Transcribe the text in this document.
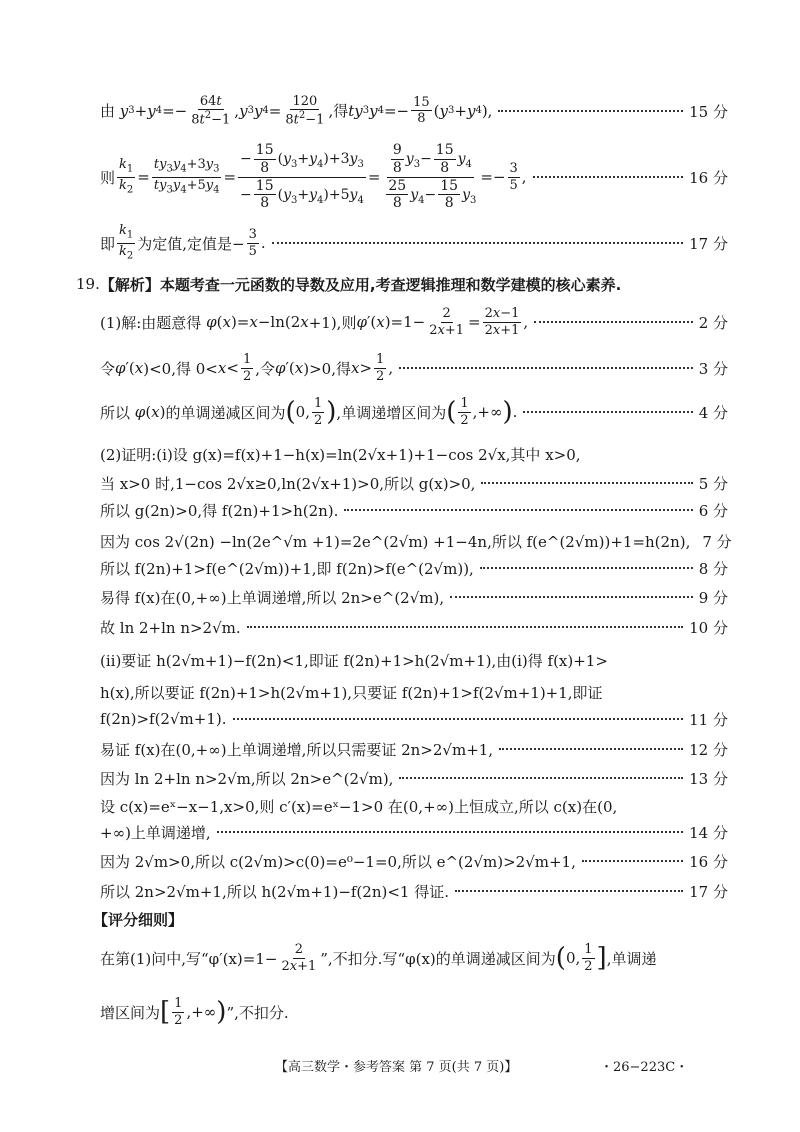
由
y 3 + y $4 =- \frac{64t}{8t^2-1}$ , y 3 y $4 = \frac{120}{8t^2-1}$ ,得 t y 3 y $4 =- \frac{15}{8}$ ( y 3 + y 4 ),	15 分
则 $\frac{k_1}{k_2} = \frac{ty_3y_4+3y_3}{ty_3y_4+5y_4} = \frac{- \frac{15}{8} (y_3+y_4)+3y_3}{- \frac{15}{8} (y_3+y_4)+5y_4} = \frac{\frac{9}{8} y_3- \frac{15}{8} y_4}{\frac{25}{8} y_4- \frac{15}{8} y_3} =- \frac{3}{5}$ ,	16 分
即 $\frac{k_1}{k_2}$ 为定值,定值是− $\frac{3}{5}$ .	17 分
19. 【解析】 本题考查一元函数的导数及应用,考查逻辑推理和数学建模的核心素养.
(1)解:由题意得
φ ( x )= x −ln(2 x +1),则 φ ′( x )$=1- \frac{2}{2x+1} = \frac{2x-1}{2x+1}$ ,	2 分
令 φ ′( x )<0,得 $0< x < \frac{1}{2}$ ,令 φ ′( x )>0,得 $x > \frac{1}{2}$ ,	3 分
所以
φ ( x ) 的单调递减区间为 ( 0, $\frac{1}{2}$ ) ,单调递增区间为 ( $\frac{1}{2}$ ,+∞ ) .	4 分
(2)证明:(ⅰ)设 g(x)=f(x)+1−h(x)=ln(2√x+1)+1−cos 2√x,其中 x>0,
当 x>0 时,1−cos 2√x≥0,ln(2√x+1)>0,所以 g(x)>0,	5 分
所以 g(2n)>0,得 f(2n)+1>h(2n).	6 分
因为 cos 2√(2n) −ln(2e^√m +1)=2e^(2√m) +1−4n,所以 f(e^(2√m))+1=h(2n), 7 分
所以 f(2n)+1>f(e^(2√m))+1,即 f(2n)>f(e^(2√m)),	8 分
易得 f(x)在(0,+∞)上单调递增,所以 2n>e^(2√m),	9 分
故 ln 2+ln n>2√m.	10 分
(ⅱ)要证 h(2√m+1)−f(2n)<1,即证 f(2n)+1>h(2√m+1),由(ⅰ)得 f(x)+1>
h(x),所以要证 f(2n)+1>h(2√m+1),只要证 f(2n)+1>f(2√m+1)+1,即证
f(2n)>f(2√m+1).	11 分
易证 f(x)在(0,+∞)上单调递增,所以只需要证 2n>2√m+1,	12 分
因为 ln 2+ln n>2√m,所以 2n>e^(2√m),	13 分
设 c(x)=eˣ−x−1,x>0,则 c′(x)=eˣ−1>0 在(0,+∞)上恒成立,所以 c(x)在(0,
+∞)上单调递增,	14 分
因为 2√m>0,所以 c(2√m)>c(0)=e⁰−1=0,所以 e^(2√m)>2√m+1,	16 分
所以 2n>2√m+1,所以 h(2√m+1)−f(2n)<1 得证.	17 分
【评分细则】
在第(1)问中,写“$\varphi'(x)=1- \frac{2}{2x+1}$ ”,不扣分.写“φ(x)的单调递减区间为 ( 0, $\frac{1}{2}$ ] ,单调递
增区间为 [ $\frac{1}{2}$ ,+∞ ) ”,不扣分.
【高三数学・参考答案 第 7 页(共 7 页)】	・26−223C・
